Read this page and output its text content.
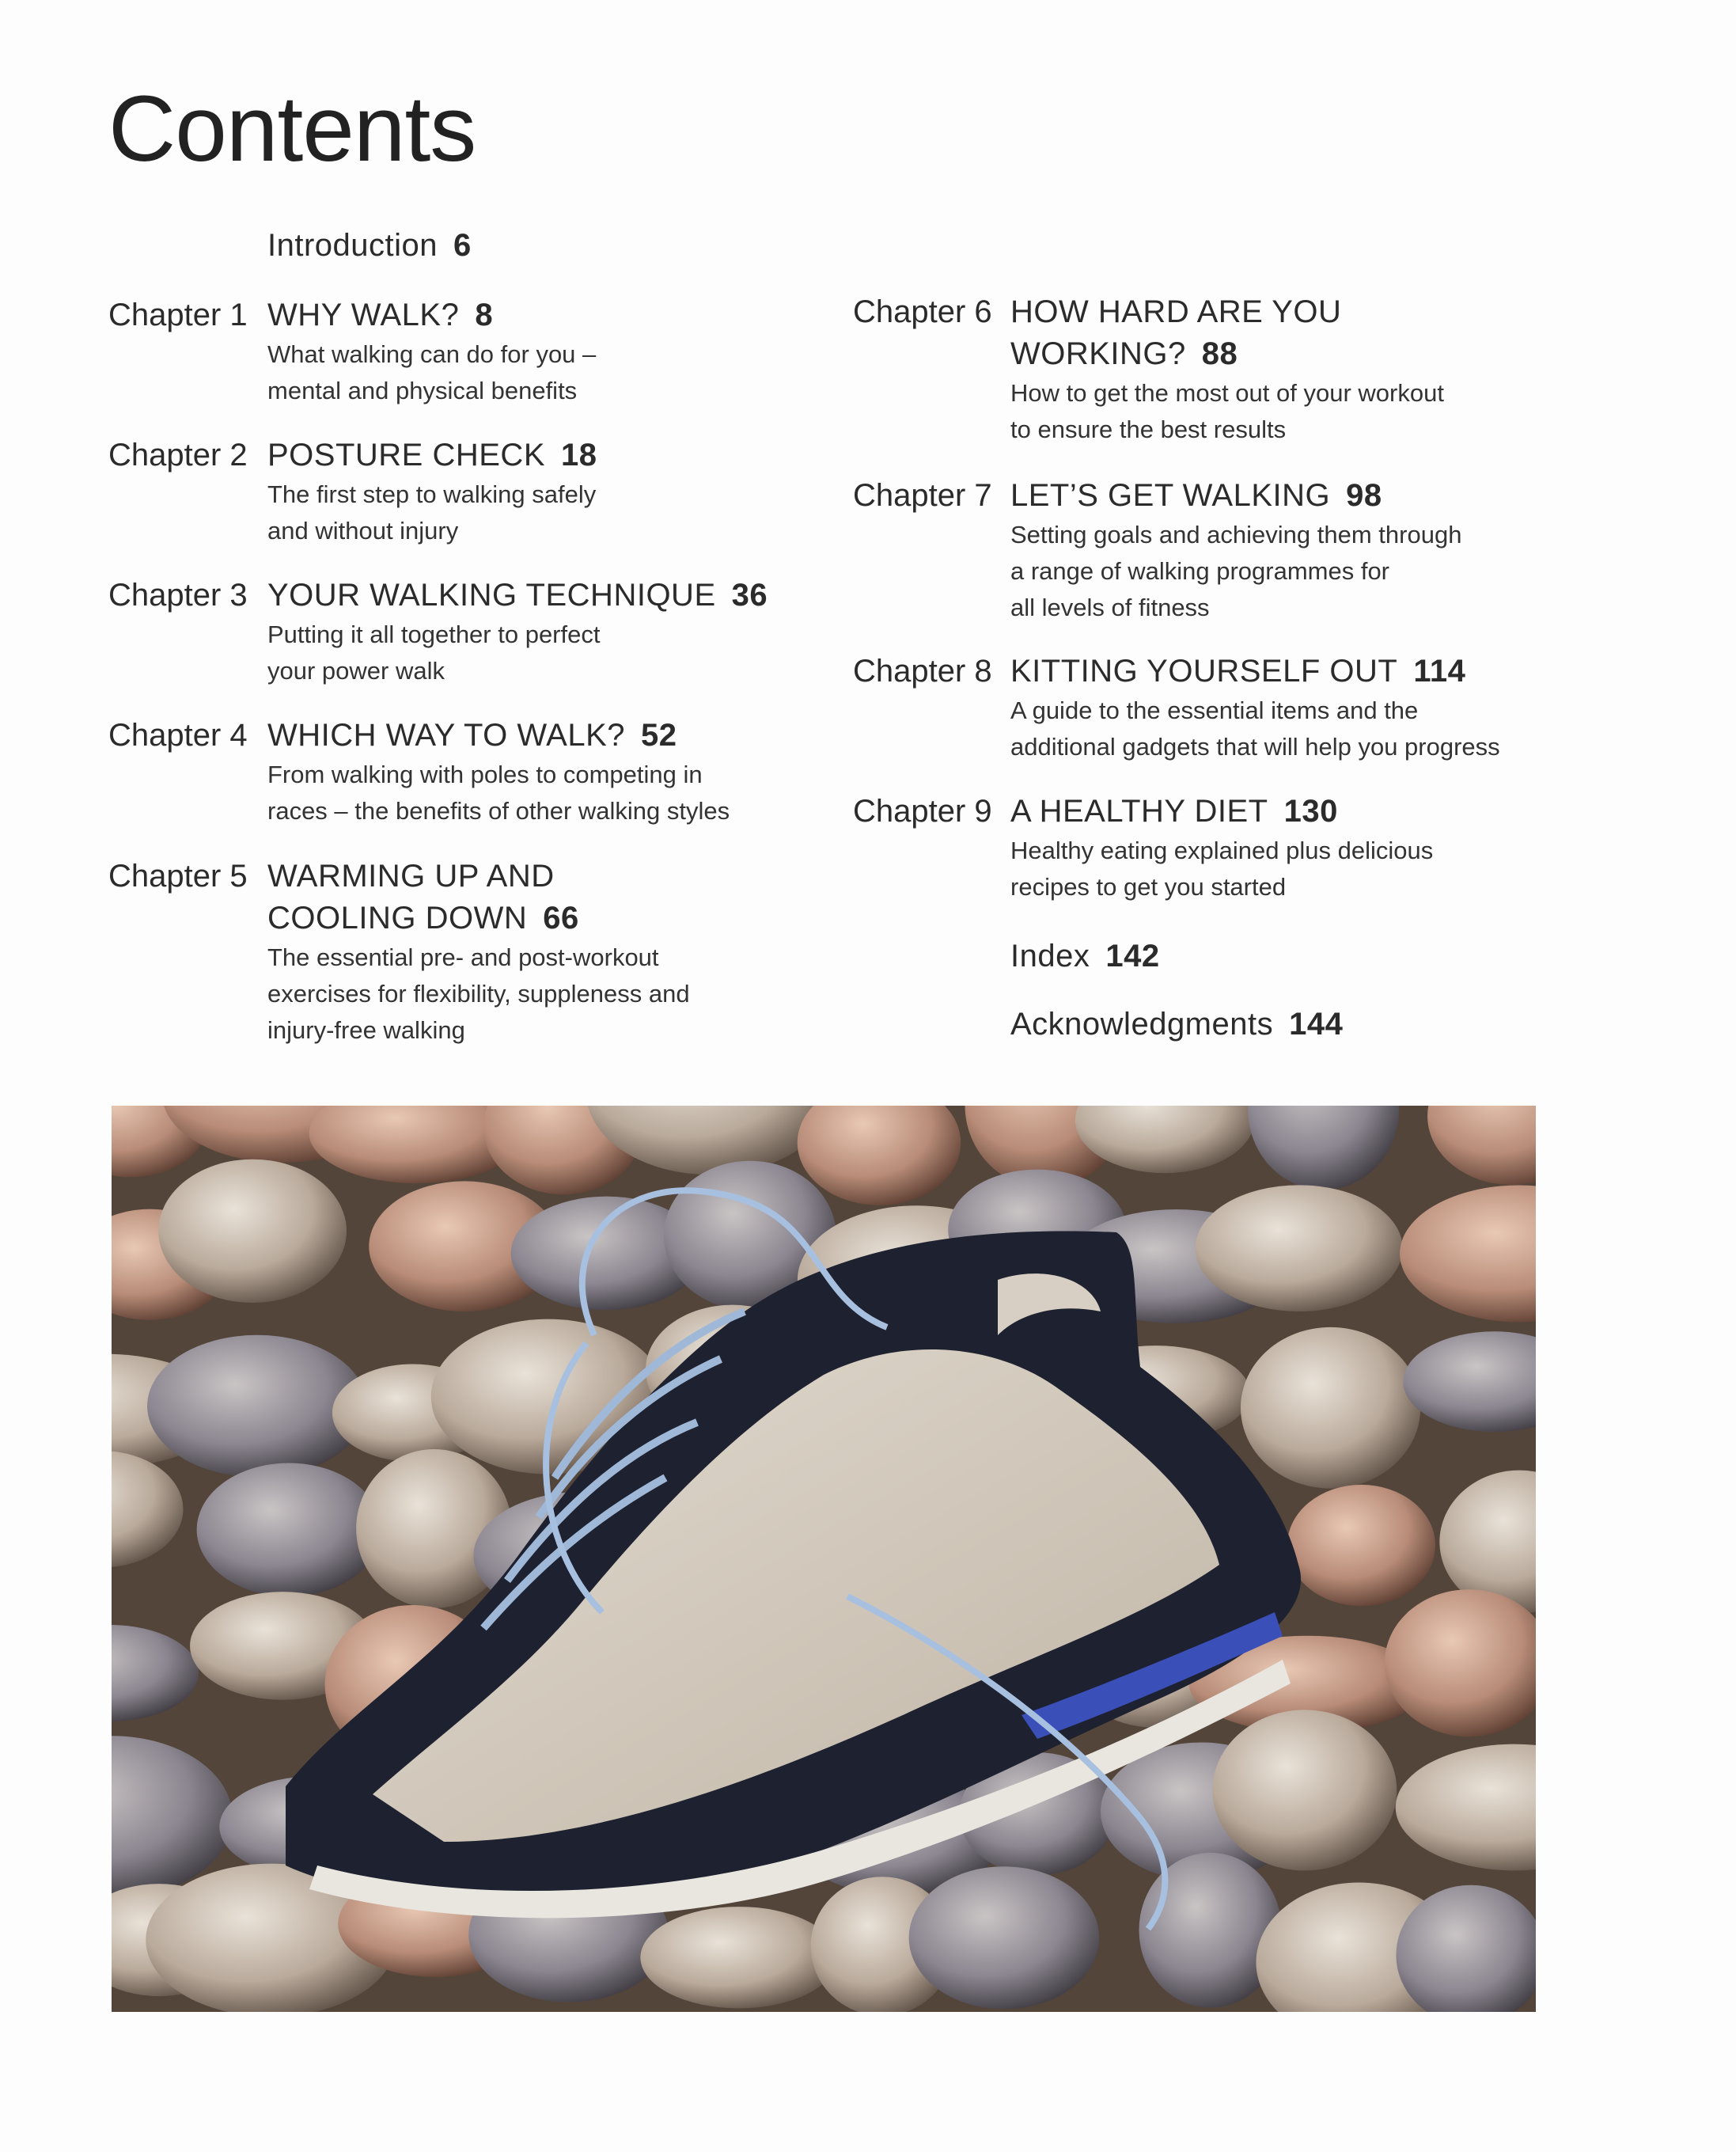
Contents
Introduction 6
Chapter 1 WHY WALK? 8
What walking can do for you –
mental and physical benefits
Chapter 2 POSTURE CHECK 18
The first step to walking safely
and without injury
Chapter 3 YOUR WALKING TECHNIQUE 36
Putting it all together to perfect
your power walk
Chapter 4 WHICH WAY TO WALK? 52
From walking with poles to competing in
races – the benefits of other walking styles
Chapter 5 WARMING UP AND
COOLING DOWN 66
The essential pre- and post-workout
exercises for flexibility, suppleness and
injury-free walking
Chapter 6 HOW HARD ARE YOU
WORKING? 88
How to get the most out of your workout
to ensure the best results
Chapter 7 LET’S GET WALKING 98
Setting goals and achieving them through
a range of walking programmes for
all levels of fitness
Chapter 8 KITTING YOURSELF OUT 114
A guide to the essential items and the
additional gadgets that will help you progress
Chapter 9 A HEALTHY DIET 130
Healthy eating explained plus delicious
recipes to get you started
Index 142
Acknowledgments 144
